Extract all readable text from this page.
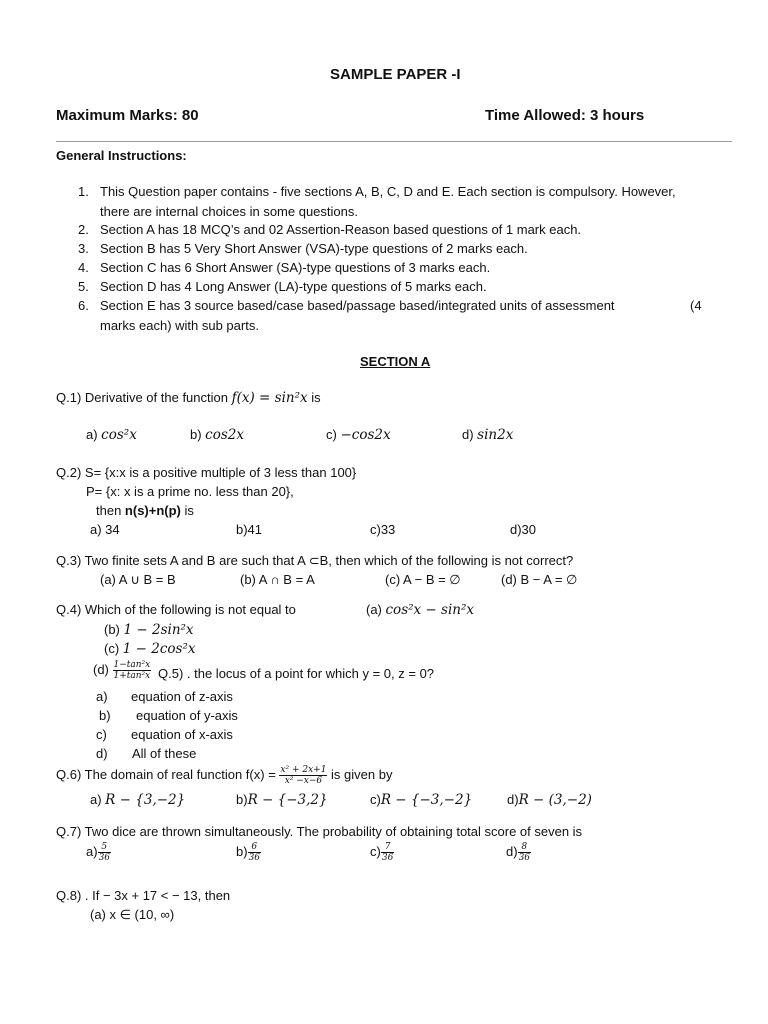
SAMPLE PAPER -I
Maximum Marks: 80	Time Allowed: 3 hours
General Instructions:
1. This Question paper contains - five sections A, B, C, D and E. Each section is compulsory. However,
there are internal choices in some questions.
2. Section A has 18 MCQ’s and 02 Assertion-Reason based questions of 1 mark each.
3. Section B has 5 Very Short Answer (VSA)-type questions of 2 marks each.
4. Section C has 6 Short Answer (SA)-type questions of 3 marks each.
5. Section D has 4 Long Answer (LA)-type questions of 5 marks each.
6. Section E has 3 source based/case based/passage based/integrated units of assessment	(4
marks each) with sub parts.
SECTION A
Q.1) Derivative of the function f(x) = sin²x is
a) cos²x	b) cos2x	c) −cos2x	d) sin2x
Q.2) S= {x:x is a positive multiple of 3 less than 100}
P= {x: x is a prime no. less than 20},
then n(s)+n(p) is
a) 34	b)41	c)33	d)30
Q.3) Two finite sets A and B are such that A ⊂B, then which of the following is not correct?
(a) A ∪ B = B	(b) A ∩ B = A	(c) A − B = ∅	(d) B − A = ∅
Q.4) Which of the following is not equal to	(a) cos²x − sin²x
(b) 1 − 2sin²x
(c) 1 − 2cos²x
$(d) \frac{\text{1−tan²x}}{\text{1+tan²x}} Q.5$) . the locus of a point for which y = 0, z = 0?
a) equation of z-axis
b) equation of y-axis
c) equation of x-axis
d) All of these
Q.6) The domain of real function $f(x) = \frac{\text{x² + 2x+1}}{\text{x² −x−6}}$ is given by
a) R − {3,−2}	b)R − {−3,2}	c)R − {−3,−2}	d)R − (3,−2)
Q.7) Two dice are thrown simultaneously. The probability of obtaining total score of seven is
$a) \frac{5}{36}$	$b) \frac{6}{36}$	$c) \frac{7}{36}$	$d) \frac{8}{36}$
Q.8) . If − 3x + 17 < − 13, then
(a) x ∈ (10, ∞)
